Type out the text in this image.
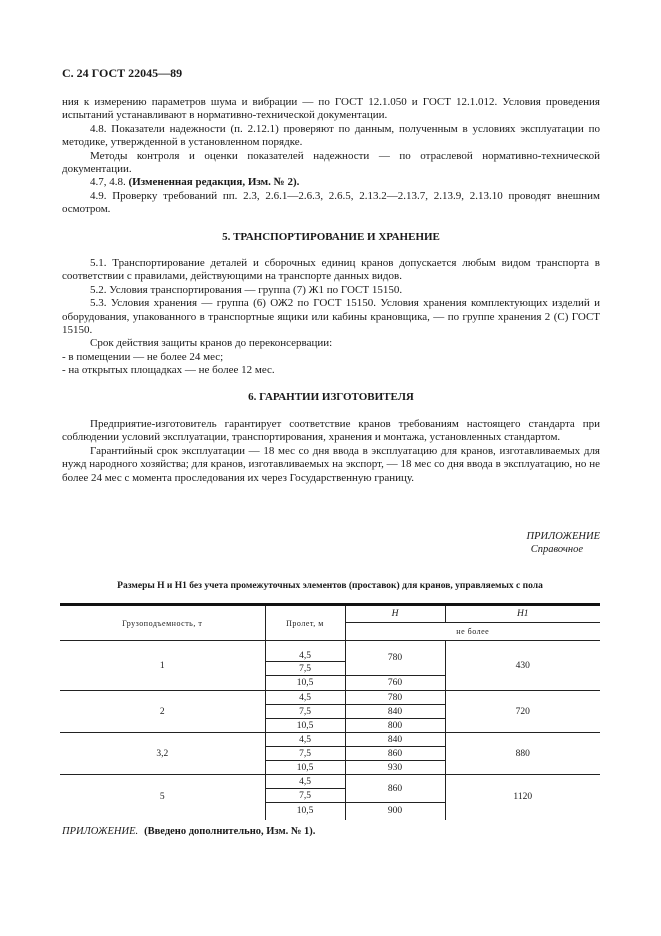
С. 24 ГОСТ 22045—89

ния к измерению параметров шума и вибрации — по ГОСТ 12.1.050 и ГОСТ 12.1.012. Условия проведения испытаний устанавливают в нормативно-технической документации.

4.8. Показатели надежности (п. 2.12.1) проверяют по данным, полученным в условиях эксплуатации по методике, утвержденной в установленном порядке.

Методы контроля и оценки показателей надежности — по отраслевой нормативно-технической документации.

4.7, 4.8. (Измененная редакция, Изм. № 2).

4.9. Проверку требований пп. 2.3, 2.6.1—2.6.3, 2.6.5, 2.13.2—2.13.7, 2.13.9, 2.13.10 проводят внешним осмотром.

5. ТРАНСПОРТИРОВАНИЕ И ХРАНЕНИЕ

5.1. Транспортирование деталей и сборочных единиц кранов допускается любым видом транспорта в соответствии с правилами, действующими на транспорте данных видов.

5.2. Условия транспортирования — группа (7) Ж1 по ГОСТ 15150.

5.3. Условия хранения — группа (6) ОЖ2 по ГОСТ 15150. Условия хранения комплектующих изделий и оборудования, упакованного в транспортные ящики или кабины крановщика, — по группе хранения 2 (С) ГОСТ 15150.

Срок действия защиты кранов до переконсервации:

- в помещении — не более 24 мес;

- на открытых площадках — не более 12 мес.

6. ГАРАНТИИ ИЗГОТОВИТЕЛЯ

Предприятие-изготовитель гарантирует соответствие кранов требованиям настоящего стандарта при соблюдении условий эксплуатации, транспортирования, хранения и монтажа, установленных стандартом.

Гарантийный срок эксплуатации — 18 мес со дня ввода в эксплуатацию для кранов, изготавливаемых для нужд народного хозяйства; для кранов, изготавливаемых на экспорт, — 18 мес со дня ввода в эксплуатацию, но не более 24 мес с момента проследования их через Государственную границу.

ПРИЛОЖЕНИЕ
Справочное
Размеры H и H1 без учета промежуточных элементов (проставок) для кранов, управляемых с пола
Грузоподъемность, т	Пролет, м	H	H1
		не более	
1	4,5	780	430
	7,5		
	10,5	760	
2	4,5	780	720
	7,5	840	
	10,5	800	
3,2	4,5	840	880
	7,5	860	
	10,5	930	
5	4,5	860	1120
	7,5		
	10,5	900	
ПРИЛОЖЕНИЕ. (Введено дополнительно, Изм. № 1).
